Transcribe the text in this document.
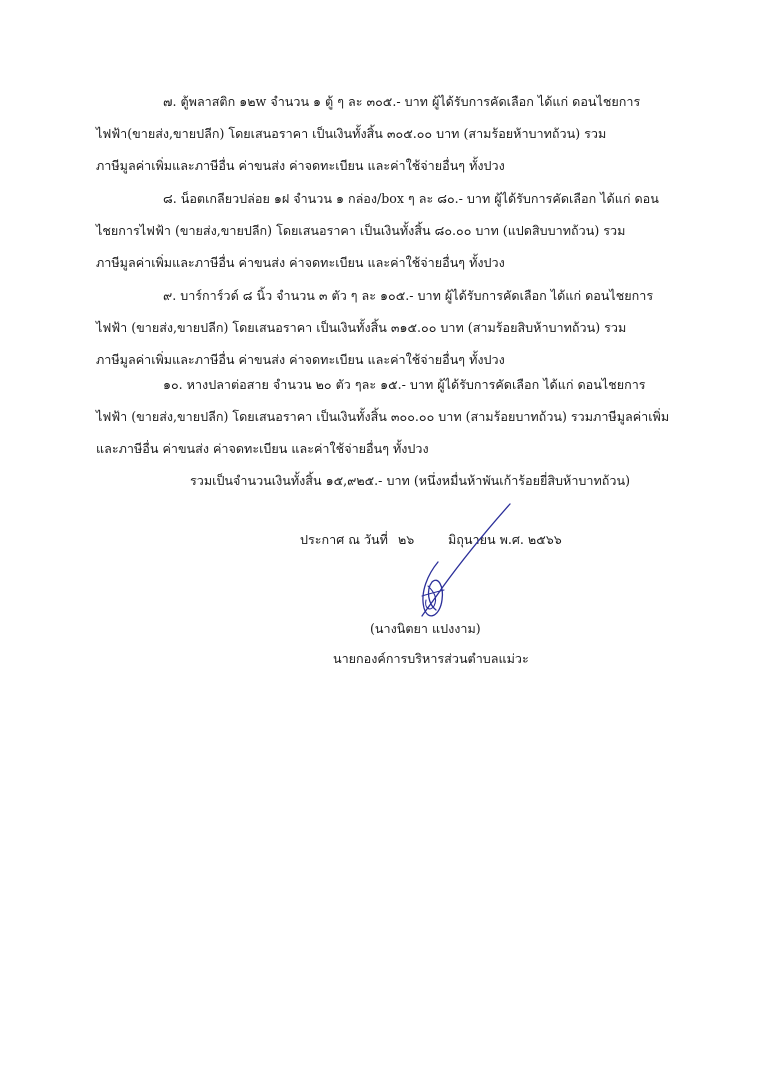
๗. ตู้พลาสติก ๑๒w จำนวน ๑ ตู้ ๆ ละ ๓๐๕.- บาท ผู้ได้รับการคัดเลือก ได้แก่ ดอนไชยการ
ไฟฟ้า(ขายส่ง,ขายปลีก) โดยเสนอราคา เป็นเงินทั้งสิ้น ๓๐๕.๐๐ บาท (สามร้อยห้าบาทถ้วน) รวม
ภาษีมูลค่าเพิ่มและภาษีอื่น ค่าขนส่ง ค่าจดทะเบียน และค่าใช้จ่ายอื่นๆ ทั้งปวง
๘. น็อตเกลียวปล่อย ๑ฝ จำนวน ๑ กล่อง/box ๆ ละ ๘๐.- บาท ผู้ได้รับการคัดเลือก ได้แก่ ดอน
ไชยการไฟฟ้า (ขายส่ง,ขายปลีก) โดยเสนอราคา เป็นเงินทั้งสิ้น ๘๐.๐๐ บาท (แปดสิบบาทถ้วน) รวม
ภาษีมูลค่าเพิ่มและภาษีอื่น ค่าขนส่ง ค่าจดทะเบียน และค่าใช้จ่ายอื่นๆ ทั้งปวง
๙. บาร์การ์วด์ ๘ นิ้ว จำนวน ๓ ตัว ๆ ละ ๑๐๕.- บาท ผู้ได้รับการคัดเลือก ได้แก่ ดอนไชยการ
ไฟฟ้า (ขายส่ง,ขายปลีก) โดยเสนอราคา เป็นเงินทั้งสิ้น ๓๑๕.๐๐ บาท (สามร้อยสิบห้าบาทถ้วน) รวม
ภาษีมูลค่าเพิ่มและภาษีอื่น ค่าขนส่ง ค่าจดทะเบียน และค่าใช้จ่ายอื่นๆ ทั้งปวง
๑๐. หางปลาต่อสาย จำนวน ๒๐ ตัว ๆละ ๑๕.- บาท ผู้ได้รับการคัดเลือก ได้แก่ ดอนไชยการ
ไฟฟ้า (ขายส่ง,ขายปลีก) โดยเสนอราคา เป็นเงินทั้งสิ้น ๓๐๐.๐๐ บาท (สามร้อยบาทถ้วน) รวมภาษีมูลค่าเพิ่ม
และภาษีอื่น ค่าขนส่ง ค่าจดทะเบียน และค่าใช้จ่ายอื่นๆ ทั้งปวง
รวมเป็นจำนวนเงินทั้งสิ้น ๑๕,๙๒๕.- บาท (หนึ่งหมื่นห้าพันเก้าร้อยยี่สิบห้าบาทถ้วน)
ประกาศ ณ วันที่ ๒๖	มิถุนายน พ.ศ. ๒๕๖๖
(นางนิตยา แปงงาม)
นายกองค์การบริหารส่วนตำบลแม่วะ
